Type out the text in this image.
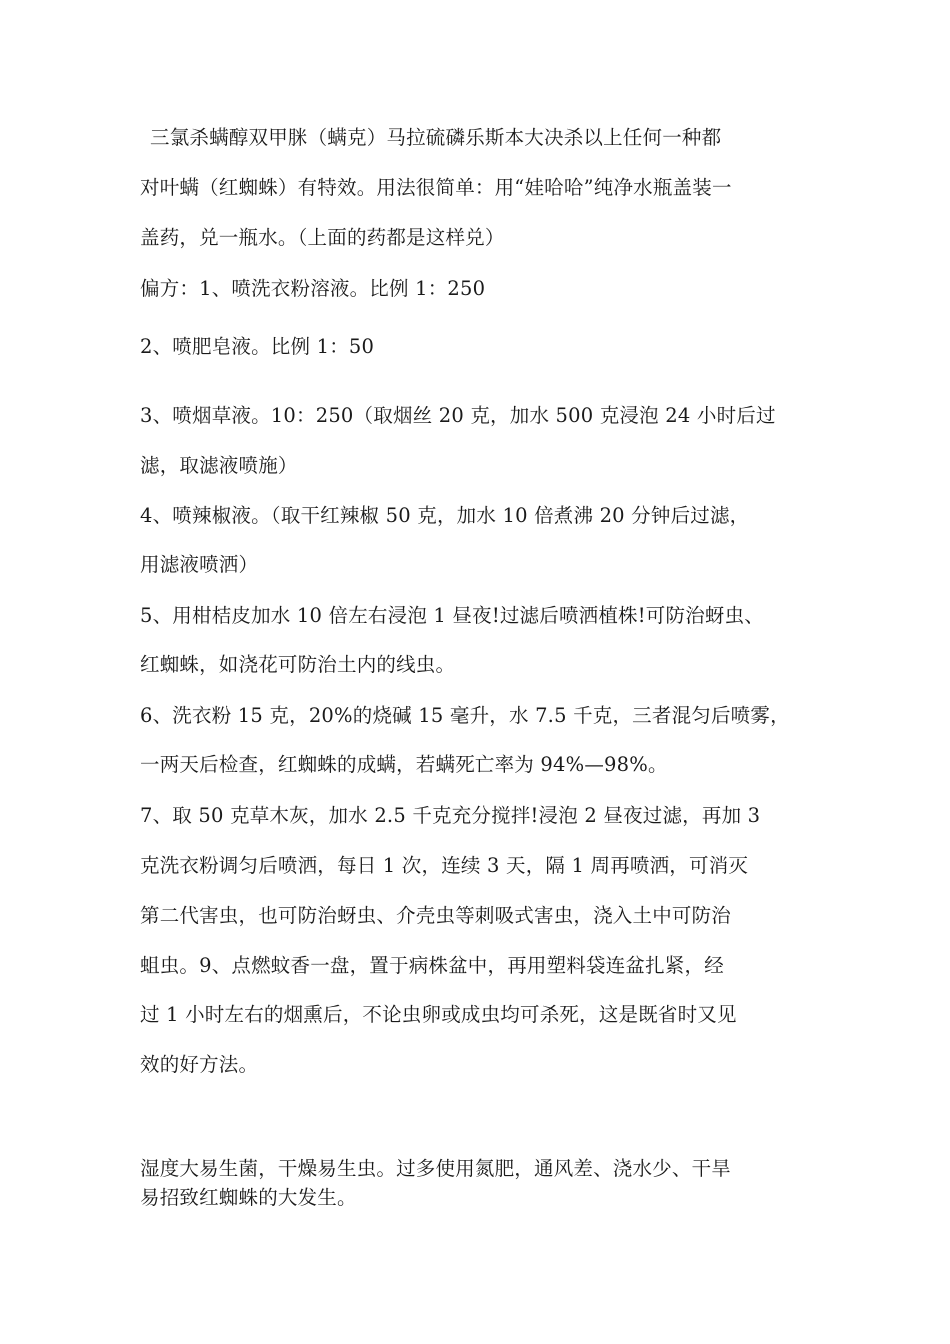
三氯杀螨醇双甲脒（螨克）马拉硫磷乐斯本大决杀以上任何一种都
对叶螨（红蜘蛛）有特效。用法很简单：用“娃哈哈”纯净水瓶盖装一
盖药，兑一瓶水。（上面的药都是这样兑）
偏方：1、喷洗衣粉溶液。比例 1：250
2、喷肥皂液。比例 1：50
3、喷烟草液。10：250（取烟丝 20 克，加水 500 克浸泡 24 小时后过
滤，取滤液喷施）
4、喷辣椒液。（取干红辣椒 50 克，加水 10 倍煮沸 20 分钟后过滤，
用滤液喷洒）
5、用柑桔皮加水 10 倍左右浸泡 1 昼夜!过滤后喷洒植株!可防治蚜虫、
红蜘蛛，如浇花可防治土内的线虫。
6、洗衣粉 15 克，20%的烧碱 15 毫升，水 7.5 千克，三者混匀后喷雾，
一两天后检查，红蜘蛛的成螨，若螨死亡率为 94%—98%。
7、取 50 克草木灰，加水 2.5 千克充分搅拌!浸泡 2 昼夜过滤，再加 3
克洗衣粉调匀后喷洒，每日 1 次，连续 3 天，隔 1 周再喷洒，可消灭
第二代害虫，也可防治蚜虫、介壳虫等刺吸式害虫，浇入土中可防治
蛆虫。9、点燃蚊香一盘，置于病株盆中，再用塑料袋连盆扎紧，经
过 1 小时左右的烟熏后，不论虫卵或成虫均可杀死，这是既省时又见
效的好方法。
湿度大易生菌，干燥易生虫。过多使用氮肥，通风差、浇水少、干旱
易招致红蜘蛛的大发生。
